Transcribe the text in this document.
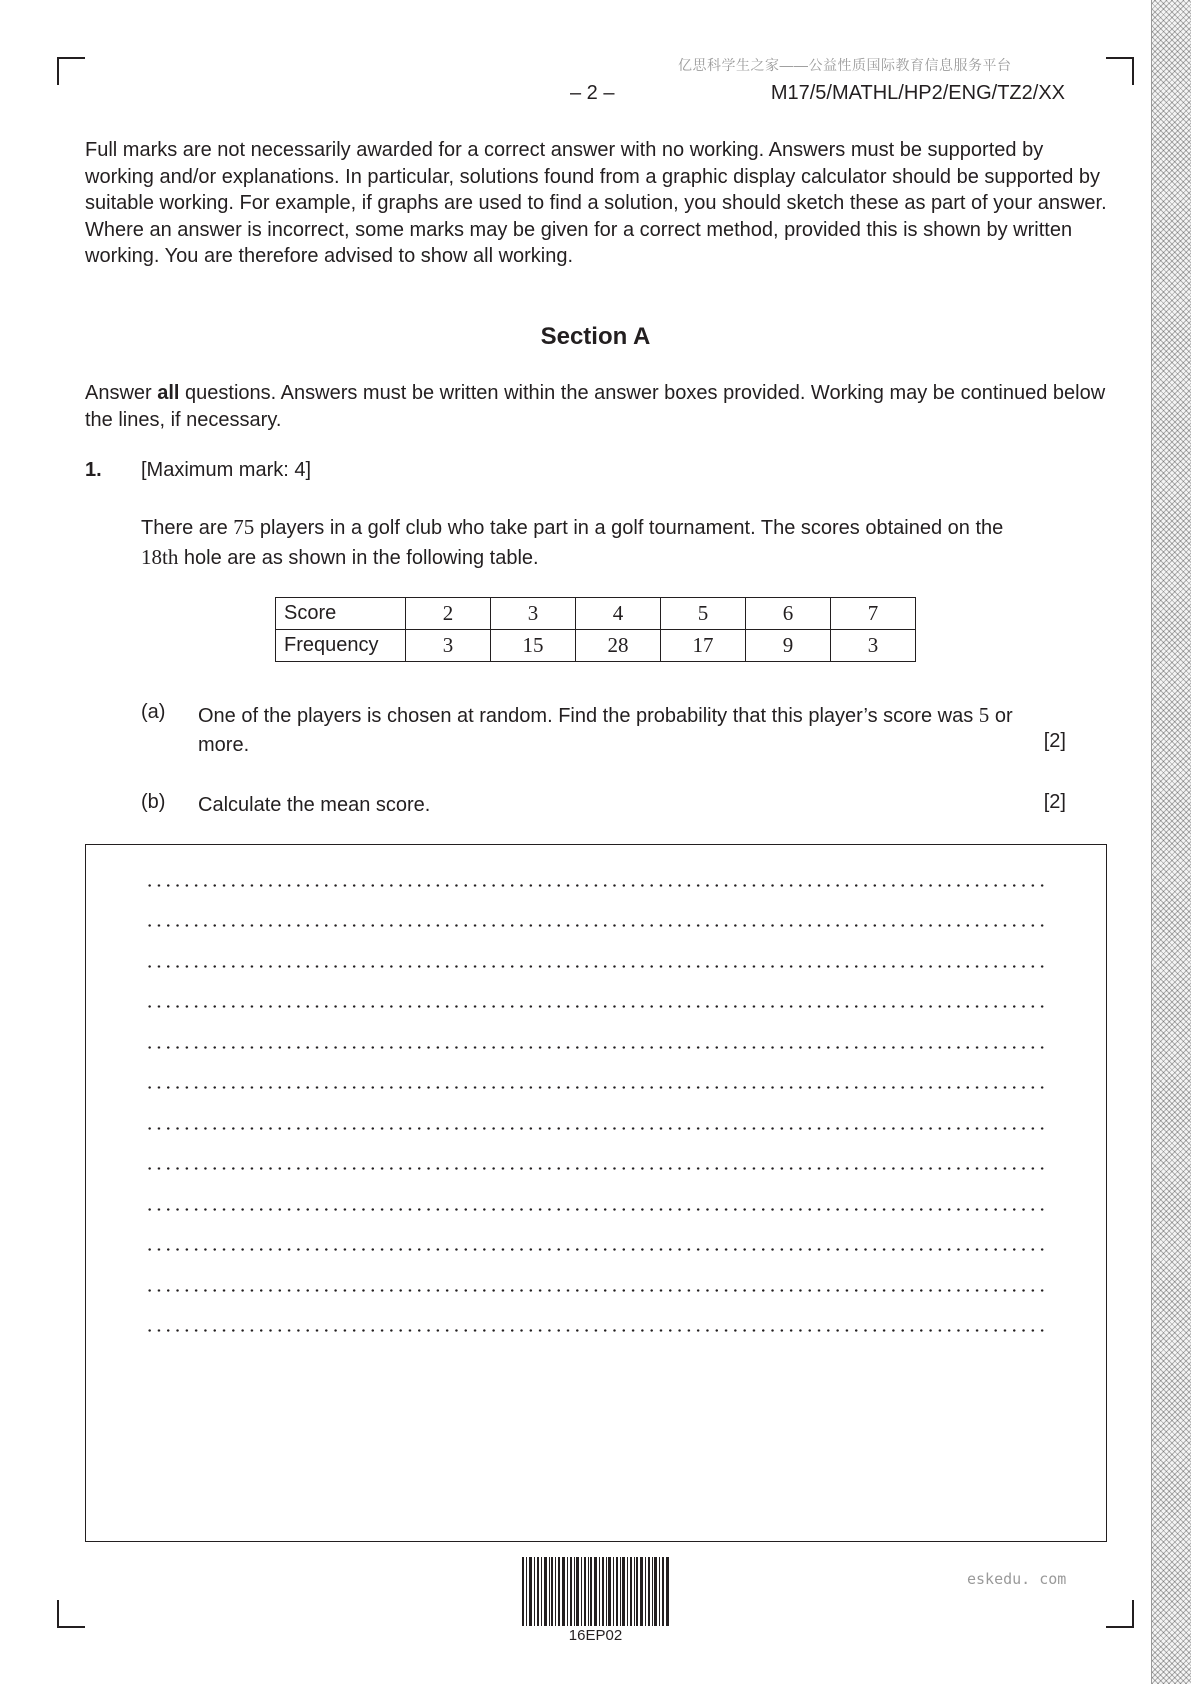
亿思科学生之家——公益性质国际教育信息服务平台
– 2 –	M17/5/MATHL/HP2/ENG/TZ2/XX

Full marks are not necessarily awarded for a correct answer with no working. Answers must be supported by working and/or explanations. In particular, solutions found from a graphic display calculator should be supported by suitable working. For example, if graphs are used to find a solution, you should sketch these as part of your answer. Where an answer is incorrect, some marks may be given for a correct method, provided this is shown by written working. You are therefore advised to show all working.

Section A

Answer all questions. Answers must be written within the answer boxes provided. Working may be continued below the lines, if necessary.

1. [Maximum mark: 4]

There are 75 players in a golf club who take part in a golf tournament. The scores obtained on the 18th hole are as shown in the following table.

Score	2	3	4	5	6	7
Frequency	3	15	28	17	9	3
(a) One of the players is chosen at random. Find the probability that this player’s score was 5 or more.	[2]
(b) Calculate the mean score.	[2]
16EP02
eskedu. com
